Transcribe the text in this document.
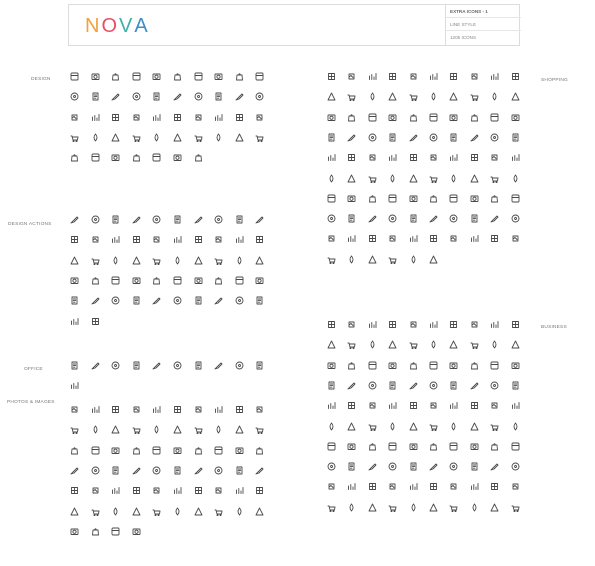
N O V A
EXTRA ICONS - 1
LINE STYLE
1205 ICONS
DESIGN
DESIGN ACTIONS
OFFICE
PHOTOS & IMAGES
SHOPPING
BUSINESS
